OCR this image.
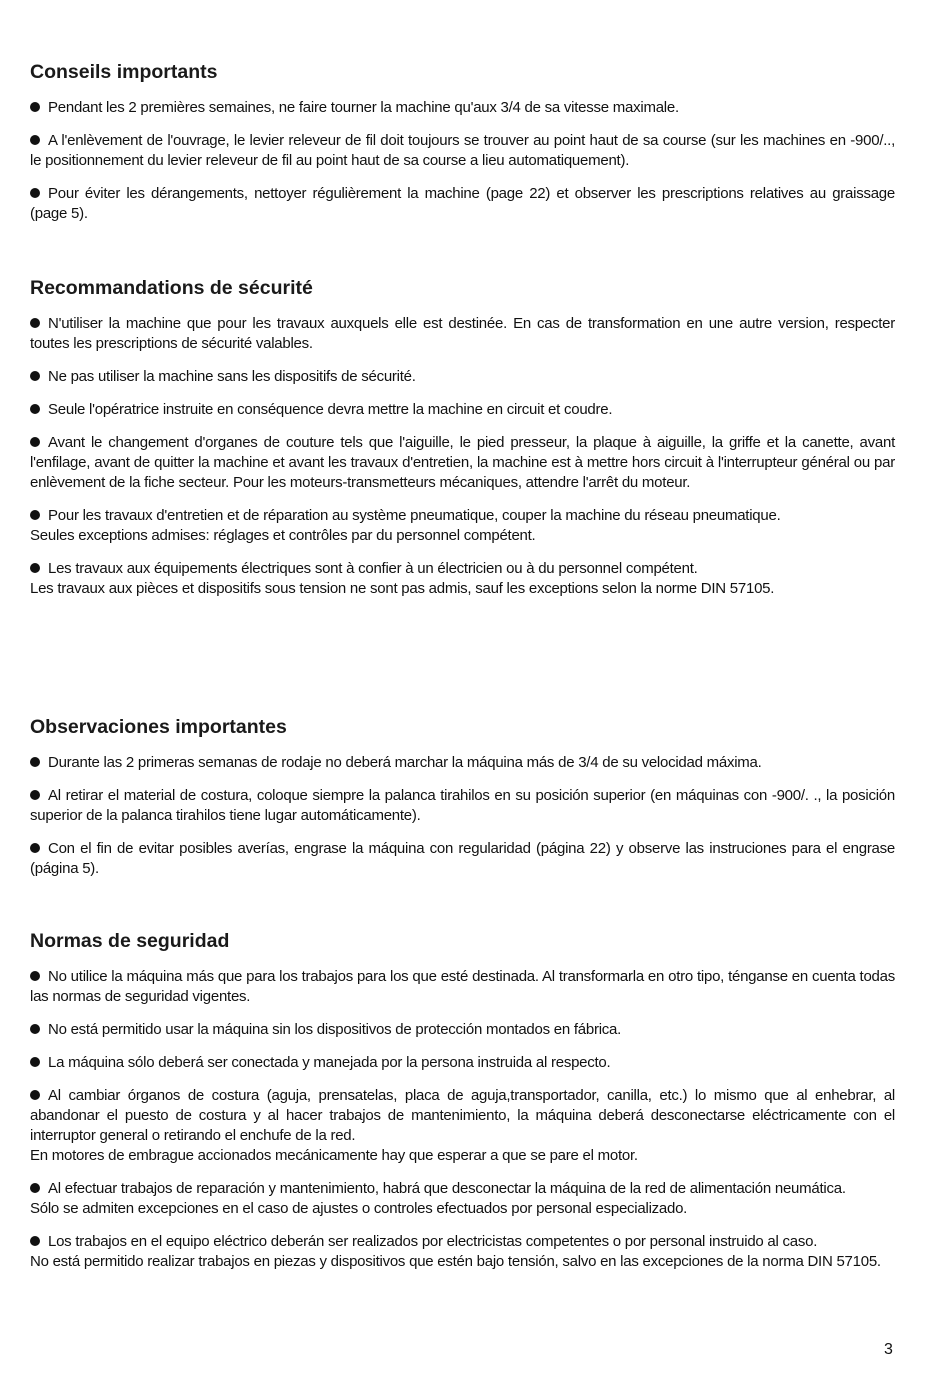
Conseils importants

Pendant les 2 premières semaines, ne faire tourner la machine qu'aux 3/4 de sa vitesse maximale.

A l'enlèvement de l'ouvrage, le levier releveur de fil doit toujours se trouver au point haut de sa course (sur les machines en -900/.., le positionnement du levier releveur de fil au point haut de sa course a lieu automatiquement).

Pour éviter les dérangements, nettoyer régulièrement la machine (page 22) et observer les prescriptions relatives au graissage (page 5).

Recommandations de sécurité

N'utiliser la machine que pour les travaux auxquels elle est destinée. En cas de transformation en une autre version, respecter toutes les prescriptions de sécurité valables.

Ne pas utiliser la machine sans les dispositifs de sécurité.

Seule l'opératrice instruite en conséquence devra mettre la machine en circuit et coudre.

Avant le changement d'organes de couture tels que l'aiguille, le pied presseur, la plaque à aiguille, la griffe et la canette, avant l'enfilage, avant de quitter la machine et avant les travaux d'entretien, la machine est à mettre hors circuit à l'interrupteur général ou par enlèvement de la fiche secteur. Pour les moteurs-transmetteurs mécaniques, attendre l'arrêt du moteur.

Pour les travaux d'entretien et de réparation au système pneumatique, couper la machine du réseau pneumatique.
Seules exceptions admises: réglages et contrôles par du personnel compétent.

Les travaux aux équipements électriques sont à confier à un électricien ou à du personnel compétent.
Les travaux aux pièces et dispositifs sous tension ne sont pas admis, sauf les exceptions selon la norme DIN 57105.

Observaciones importantes

Durante las 2 primeras semanas de rodaje no deberá marchar la máquina más de 3/4 de su velocidad máxima.

Al retirar el material de costura, coloque siempre la palanca tirahilos en su posición superior (en máquinas con -900/. ., la posición superior de la palanca tirahilos tiene lugar automáticamente).

Con el fin de evitar posibles averías, engrase la máquina con regularidad (página 22) y observe las instruciones para el engrase (página 5).

Normas de seguridad

No utilice la máquina más que para los trabajos para los que esté destinada. Al transformarla en otro tipo, ténganse en cuenta todas las normas de seguridad vigentes.

No está permitido usar la máquina sin los dispositivos de protección montados en fábrica.

La máquina sólo deberá ser conectada y manejada por la persona instruida al respecto.

Al cambiar órganos de costura (aguja, prensatelas, placa de aguja,transportador, canilla, etc.) lo mismo que al enhebrar, al abandonar el puesto de costura y al hacer trabajos de mantenimiento, la máquina deberá desconectarse eléctricamente con el interruptor general o retirando el enchufe de la red.
En motores de embrague accionados mecánicamente hay que esperar a que se pare el motor.

Al efectuar trabajos de reparación y mantenimiento, habrá que desconectar la máquina de la red de alimentación neumática.
Sólo se admiten excepciones en el caso de ajustes o controles efectuados por personal especializado.

Los trabajos en el equipo eléctrico deberán ser realizados por electricistas competentes o por personal instruido al caso.
No está permitido realizar trabajos en piezas y dispositivos que estén bajo tensión, salvo en las excepciones de la norma DIN 57105.

3
